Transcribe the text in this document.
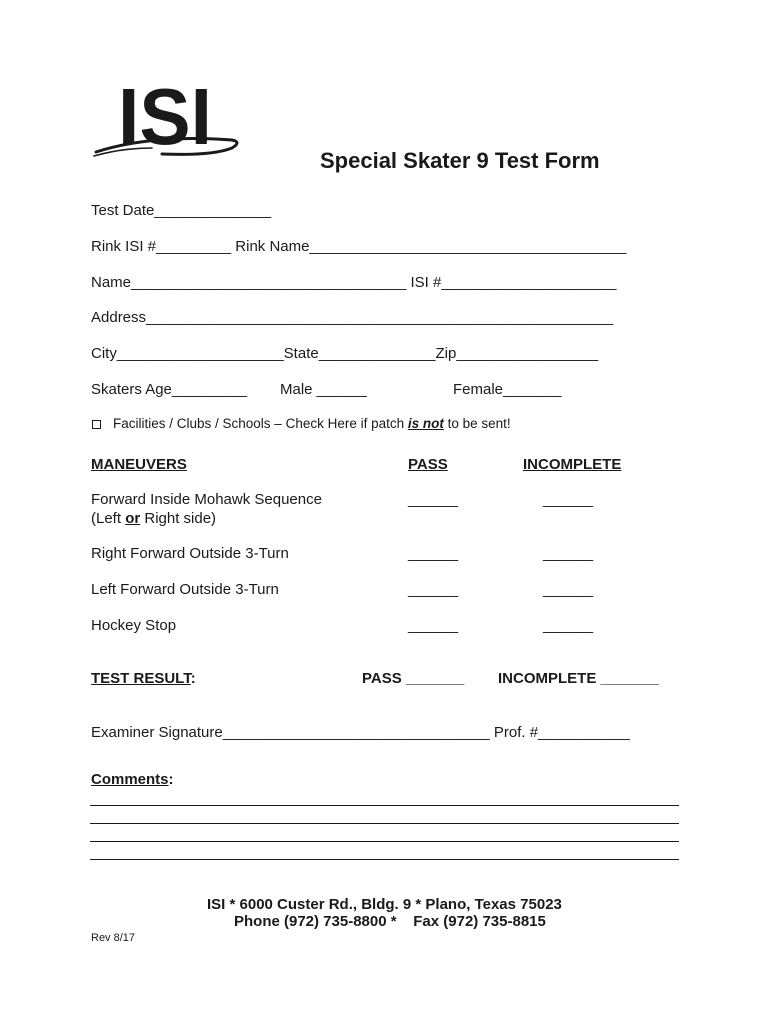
ISI	Special Skater 9 Test Form
Test Date______________
Rink ISI #_________ Rink Name______________________________________
Name_________________________________ ISI #_____________________
Address________________________________________________________
City____________________State______________Zip_________________
Skaters Age_________ Male ______	Female_______
Facilities / Clubs / Schools – Check Here if patch is not to be sent!
MANEUVERS	PASS	INCOMPLETE
Forward Inside Mohawk Sequence
(Left or Right side)
______	______
Right Forward Outside 3-Turn	______	______
Left Forward Outside 3-Turn	______	______
Hockey Stop	______	______
TEST RESULT:	PASS _______ INCOMPLETE _______
Examiner Signature________________________________ Prof. #___________
Comments:
ISI * 6000 Custer Rd., Bldg. 9 * Plano, Texas 75023
Phone (972) 735-8800 *    Fax (972) 735-8815
Rev 8/17
